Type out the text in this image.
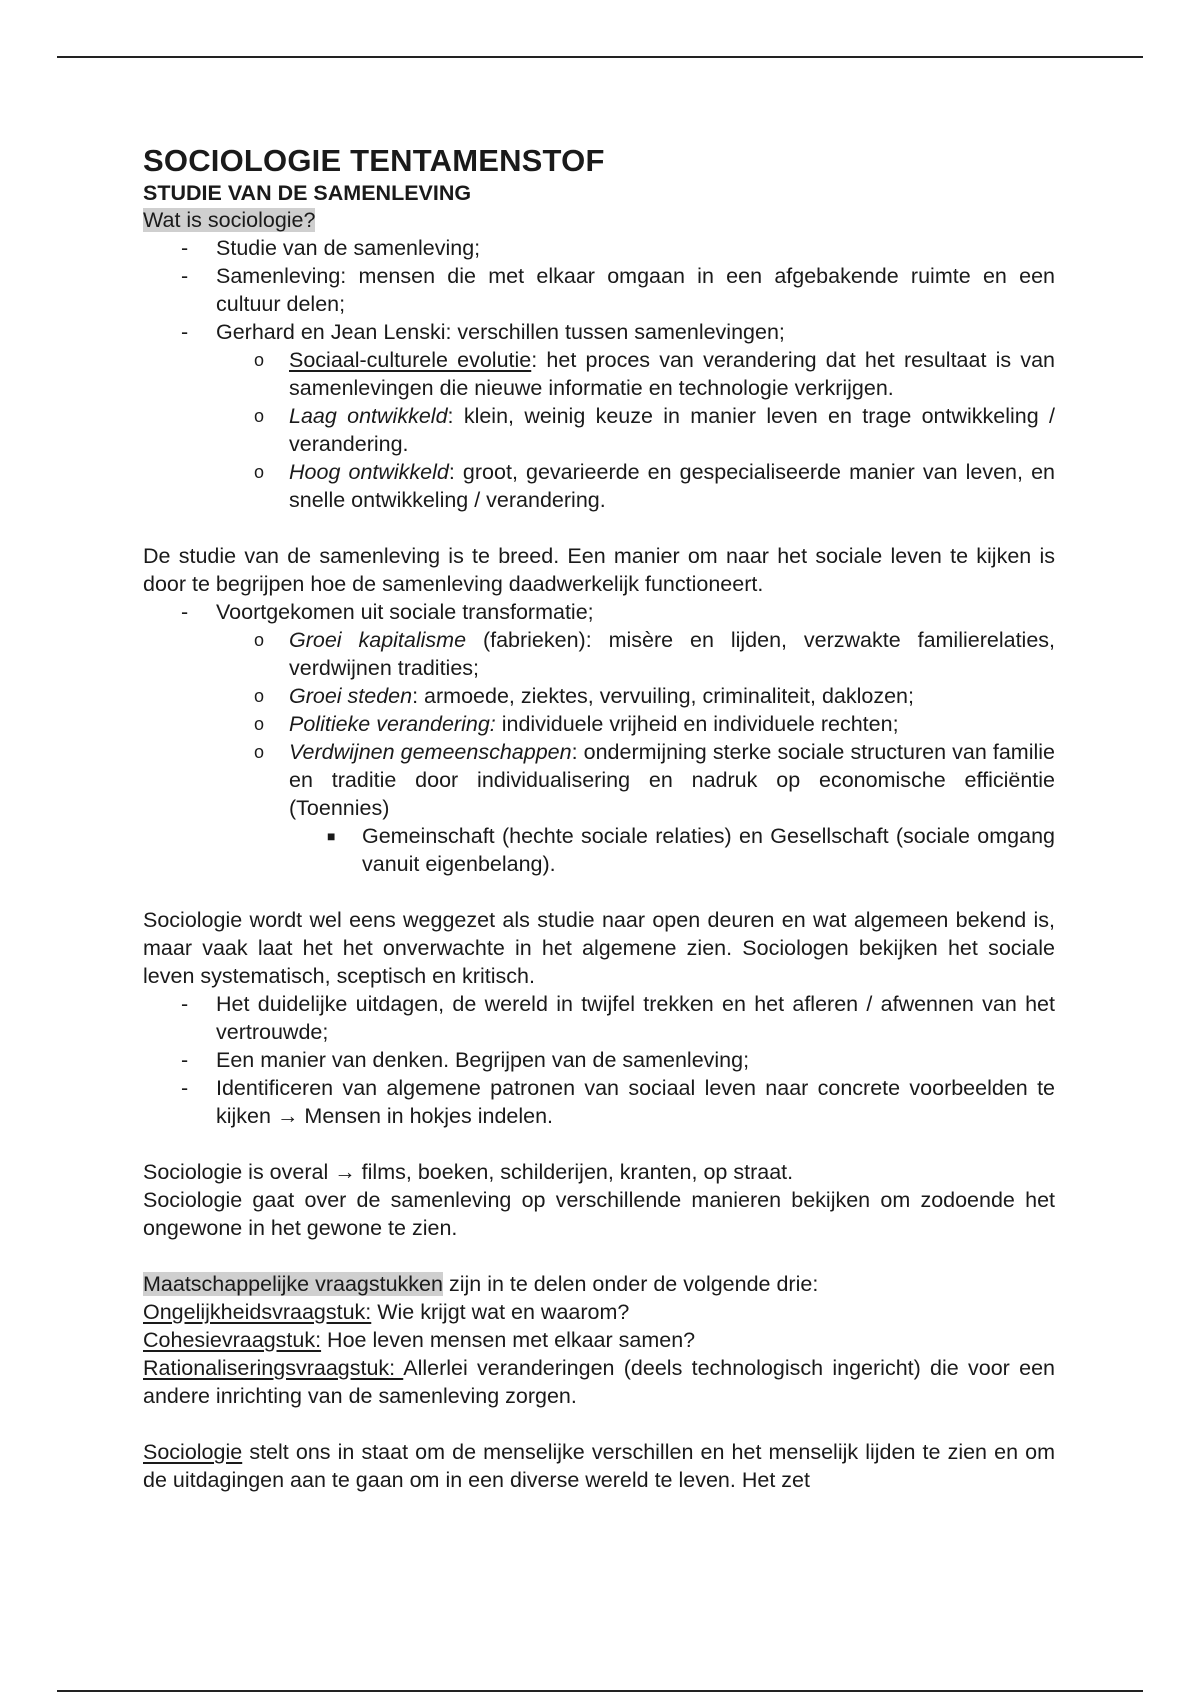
SOCIOLOGIE TENTAMENSTOF
STUDIE VAN DE SAMENLEVING

Wat is sociologie?

- Studie van de samenleving;
- Samenleving: mensen die met elkaar omgaan in een afgebakende ruimte en een cultuur delen;
- Gerhard en Jean Lenski: verschillen tussen samenlevingen;
o Sociaal-culturele evolutie: het proces van verandering dat het resultaat is van samenlevingen die nieuwe informatie en technologie verkrijgen.
o Laag ontwikkeld: klein, weinig keuze in manier leven en trage ontwikkeling / verandering.
o Hoog ontwikkeld: groot, gevarieerde en gespecialiseerde manier van leven, en snelle ontwikkeling / verandering.

De studie van de samenleving is te breed. Een manier om naar het sociale leven te kijken is door te begrijpen hoe de samenleving daadwerkelijk functioneert.

- Voortgekomen uit sociale transformatie;
o Groei kapitalisme (fabrieken): misère en lijden, verzwakte familierelaties, verdwijnen tradities;
o Groei steden: armoede, ziektes, vervuiling, criminaliteit, daklozen;
o Politieke verandering: individuele vrijheid en individuele rechten;
o Verdwijnen gemeenschappen: ondermijning sterke sociale structuren van familie en traditie door individualisering en nadruk op economische efficiëntie (Toennies)
■ Gemeinschaft (hechte sociale relaties) en Gesellschaft (sociale omgang vanuit eigenbelang).

Sociologie wordt wel eens weggezet als studie naar open deuren en wat algemeen bekend is, maar vaak laat het het onverwachte in het algemene zien. Sociologen bekijken het sociale leven systematisch, sceptisch en kritisch.

- Het duidelijke uitdagen, de wereld in twijfel trekken en het afleren / afwennen van het vertrouwde;
- Een manier van denken. Begrijpen van de samenleving;
- Identificeren van algemene patronen van sociaal leven naar concrete voorbeelden te kijken → Mensen in hokjes indelen.

Sociologie is overal → films, boeken, schilderijen, kranten, op straat.

Sociologie gaat over de samenleving op verschillende manieren bekijken om zodoende het ongewone in het gewone te zien.

Maatschappelijke vraagstukken zijn in te delen onder de volgende drie:

Ongelijkheidsvraagstuk: Wie krijgt wat en waarom?

Cohesievraagstuk: Hoe leven mensen met elkaar samen?

Rationaliseringsvraagstuk: Allerlei veranderingen (deels technologisch ingericht) die voor een andere inrichting van de samenleving zorgen.

Sociologie stelt ons in staat om de menselijke verschillen en het menselijk lijden te zien en om de uitdagingen aan te gaan om in een diverse wereld te leven. Het zet
